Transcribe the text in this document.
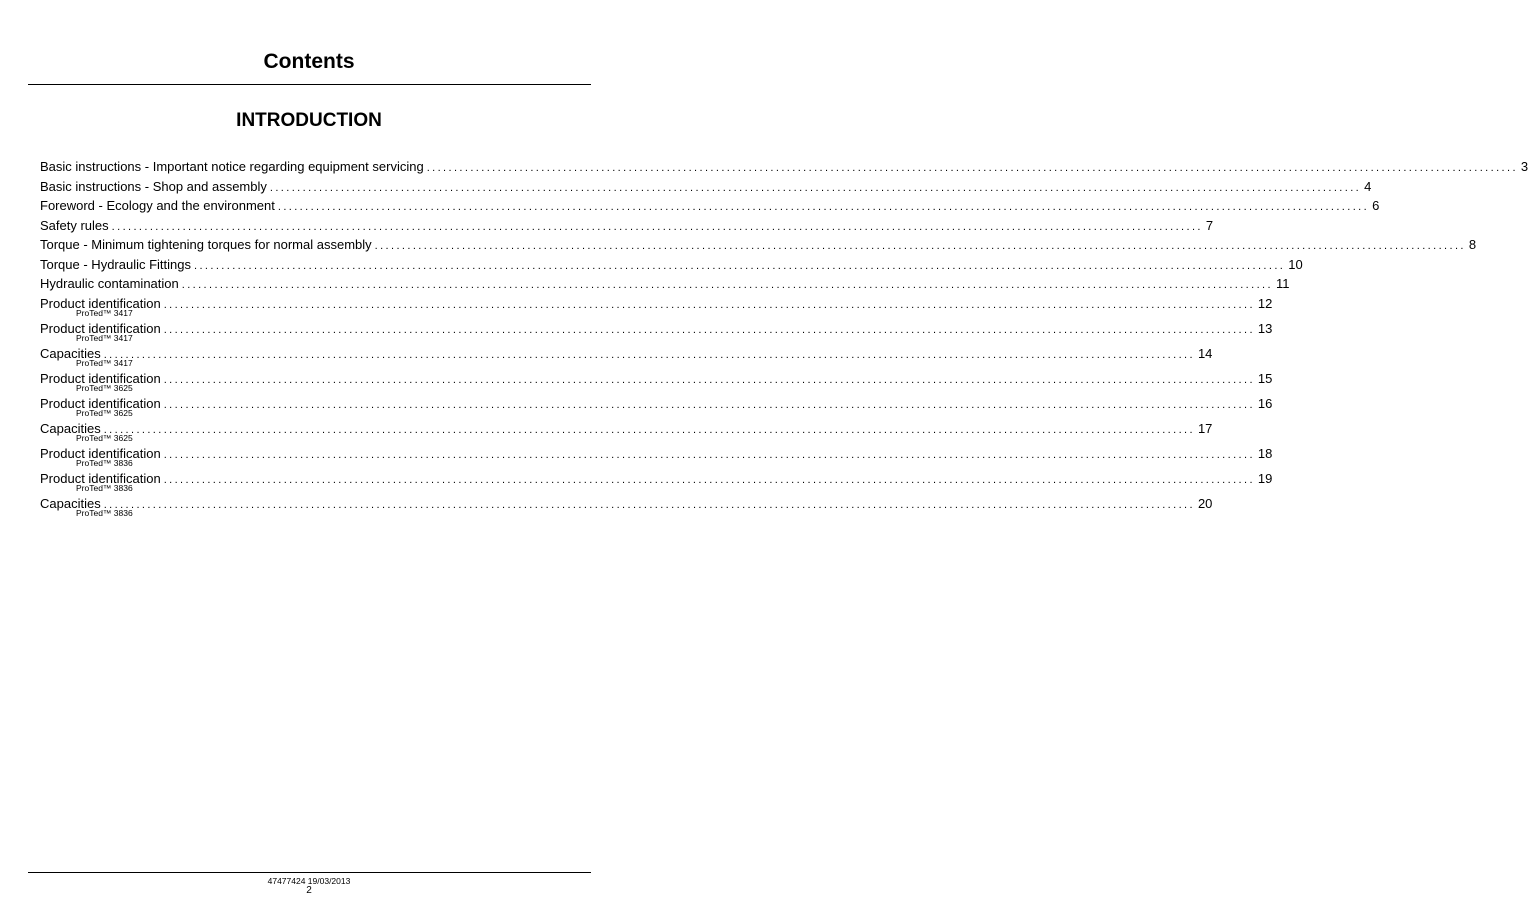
Contents
INTRODUCTION
Basic instructions - Important notice regarding equipment servicing ........................................................................................................................................................................................................ 3
Basic instructions - Shop and assembly ........................................................................................................................................................................................................ 4
Foreword - Ecology and the environment ........................................................................................................................................................................................................ 6
Safety rules ........................................................................................................................................................................................................ 7
Torque - Minimum tightening torques for normal assembly ........................................................................................................................................................................................................ 8
Torque - Hydraulic Fittings ........................................................................................................................................................................................................ 10
Hydraulic contamination ........................................................................................................................................................................................................ 11
Product identification ........................................................................................................................................................................................................ 12
ProTed™ 3417
Product identification ........................................................................................................................................................................................................ 13
ProTed™ 3417
Capacities ........................................................................................................................................................................................................ 14
ProTed™ 3417
Product identification ........................................................................................................................................................................................................ 15
ProTed™ 3625
Product identification ........................................................................................................................................................................................................ 16
ProTed™ 3625
Capacities ........................................................................................................................................................................................................ 17
ProTed™ 3625
Product identification ........................................................................................................................................................................................................ 18
ProTed™ 3836
Product identification ........................................................................................................................................................................................................ 19
ProTed™ 3836
Capacities ........................................................................................................................................................................................................ 20
ProTed™ 3836
47477424 19/03/2013
2
